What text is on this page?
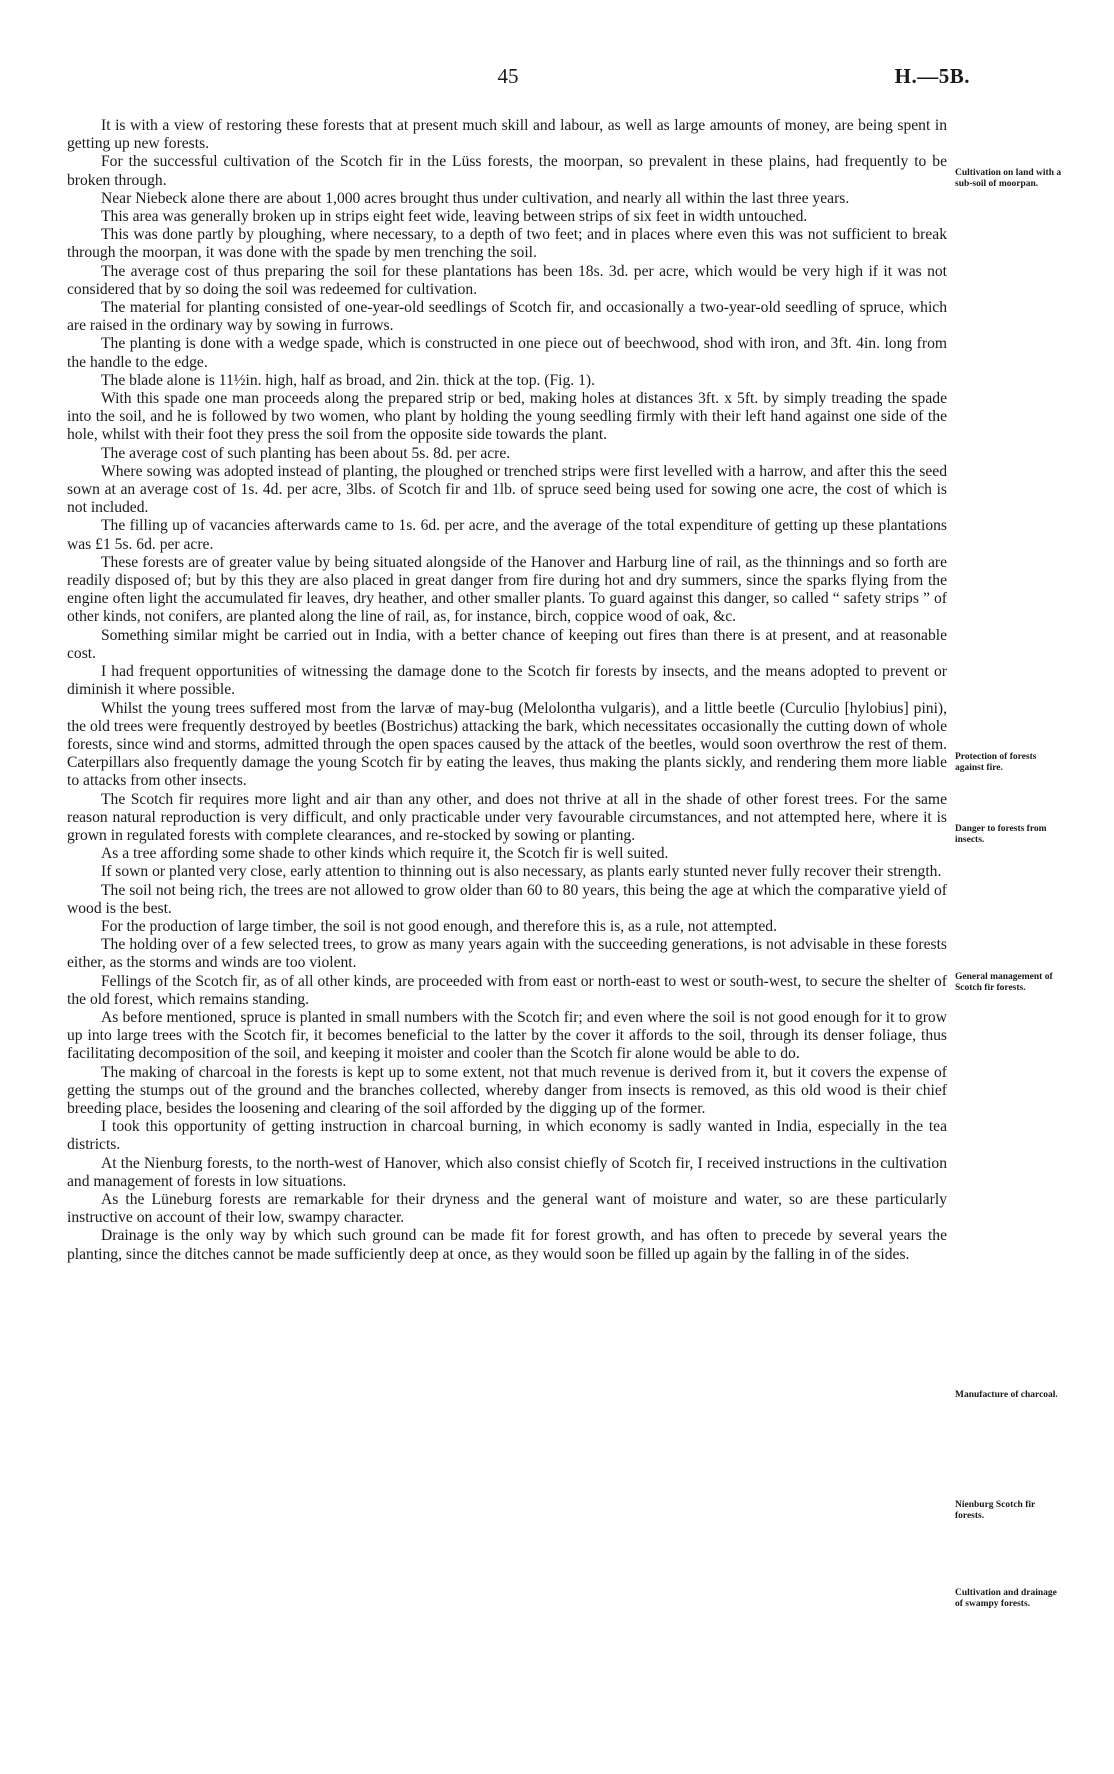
45	H.—5B.

It is with a view of restoring these forests that at present much skill and labour, as well as large amounts of money, are being spent in getting up new forests.

For the successful cultivation of the Scotch fir in the Lüss forests, the moorpan, so prevalent in these plains, had frequently to be broken through.

Near Niebeck alone there are about 1,000 acres brought thus under cultivation, and nearly all within the last three years.

This area was generally broken up in strips eight feet wide, leaving between strips of six feet in width untouched.

This was done partly by ploughing, where necessary, to a depth of two feet; and in places where even this was not sufficient to break through the moorpan, it was done with the spade by men trenching the soil.

The average cost of thus preparing the soil for these plantations has been 18s. 3d. per acre, which would be very high if it was not considered that by so doing the soil was redeemed for cultivation.

The material for planting consisted of one-year-old seedlings of Scotch fir, and occasionally a two-year-old seedling of spruce, which are raised in the ordinary way by sowing in furrows.

The planting is done with a wedge spade, which is constructed in one piece out of beechwood, shod with iron, and 3ft. 4in. long from the handle to the edge.

The blade alone is 11½in. high, half as broad, and 2in. thick at the top. (Fig. 1).

With this spade one man proceeds along the prepared strip or bed, making holes at distances 3ft. x 5ft. by simply treading the spade into the soil, and he is followed by two women, who plant by holding the young seedling firmly with their left hand against one side of the hole, whilst with their foot they press the soil from the opposite side towards the plant.

The average cost of such planting has been about 5s. 8d. per acre.

Where sowing was adopted instead of planting, the ploughed or trenched strips were first levelled with a harrow, and after this the seed sown at an average cost of 1s. 4d. per acre, 3lbs. of Scotch fir and 1lb. of spruce seed being used for sowing one acre, the cost of which is not included.

The filling up of vacancies afterwards came to 1s. 6d. per acre, and the average of the total expenditure of getting up these plantations was £1 5s. 6d. per acre.

These forests are of greater value by being situated alongside of the Hanover and Harburg line of rail, as the thinnings and so forth are readily disposed of; but by this they are also placed in great danger from fire during hot and dry summers, since the sparks flying from the engine often light the accumulated fir leaves, dry heather, and other smaller plants. To guard against this danger, so called “ safety strips ” of other kinds, not conifers, are planted along the line of rail, as, for instance, birch, coppice wood of oak, &c.

Something similar might be carried out in India, with a better chance of keeping out fires than there is at present, and at reasonable cost.

I had frequent opportunities of witnessing the damage done to the Scotch fir forests by insects, and the means adopted to prevent or diminish it where possible.

Whilst the young trees suffered most from the larvæ of may-bug (Melolontha vulgaris), and a little beetle (Curculio [hylobius] pini), the old trees were frequently destroyed by beetles (Bostrichus) attacking the bark, which necessitates occasionally the cutting down of whole forests, since wind and storms, admitted through the open spaces caused by the attack of the beetles, would soon overthrow the rest of them. Caterpillars also frequently damage the young Scotch fir by eating the leaves, thus making the plants sickly, and rendering them more liable to attacks from other insects.

The Scotch fir requires more light and air than any other, and does not thrive at all in the shade of other forest trees. For the same reason natural reproduction is very difficult, and only practicable under very favourable circumstances, and not attempted here, where it is grown in regulated forests with complete clearances, and re-stocked by sowing or planting.

As a tree affording some shade to other kinds which require it, the Scotch fir is well suited.

If sown or planted very close, early attention to thinning out is also necessary, as plants early stunted never fully recover their strength.

The soil not being rich, the trees are not allowed to grow older than 60 to 80 years, this being the age at which the comparative yield of wood is the best.

For the production of large timber, the soil is not good enough, and therefore this is, as a rule, not attempted.

The holding over of a few selected trees, to grow as many years again with the succeeding generations, is not advisable in these forests either, as the storms and winds are too violent.

Fellings of the Scotch fir, as of all other kinds, are proceeded with from east or north-east to west or south-west, to secure the shelter of the old forest, which remains standing.

As before mentioned, spruce is planted in small numbers with the Scotch fir; and even where the soil is not good enough for it to grow up into large trees with the Scotch fir, it becomes beneficial to the latter by the cover it affords to the soil, through its denser foliage, thus facilitating decomposition of the soil, and keeping it moister and cooler than the Scotch fir alone would be able to do.

The making of charcoal in the forests is kept up to some extent, not that much revenue is derived from it, but it covers the expense of getting the stumps out of the ground and the branches collected, whereby danger from insects is removed, as this old wood is their chief breeding place, besides the loosening and clearing of the soil afforded by the digging up of the former.

I took this opportunity of getting instruction in charcoal burning, in which economy is sadly wanted in India, especially in the tea districts.

At the Nienburg forests, to the north-west of Hanover, which also consist chiefly of Scotch fir, I received instructions in the cultivation and management of forests in low situations.

As the Lüneburg forests are remarkable for their dryness and the general want of moisture and water, so are these particularly instructive on account of their low, swampy character.

Drainage is the only way by which such ground can be made fit for forest growth, and has often to precede by several years the planting, since the ditches cannot be made sufficiently deep at once, as they would soon be filled up again by the falling in of the sides.

Cultivation on land with a sub-soil of moorpan.
Protection of forests against fire.
Danger to forests from insects.
General management of Scotch fir forests.
Manufacture of charcoal.
Nienburg Scotch fir forests.
Cultivation and drainage of swampy forests.
